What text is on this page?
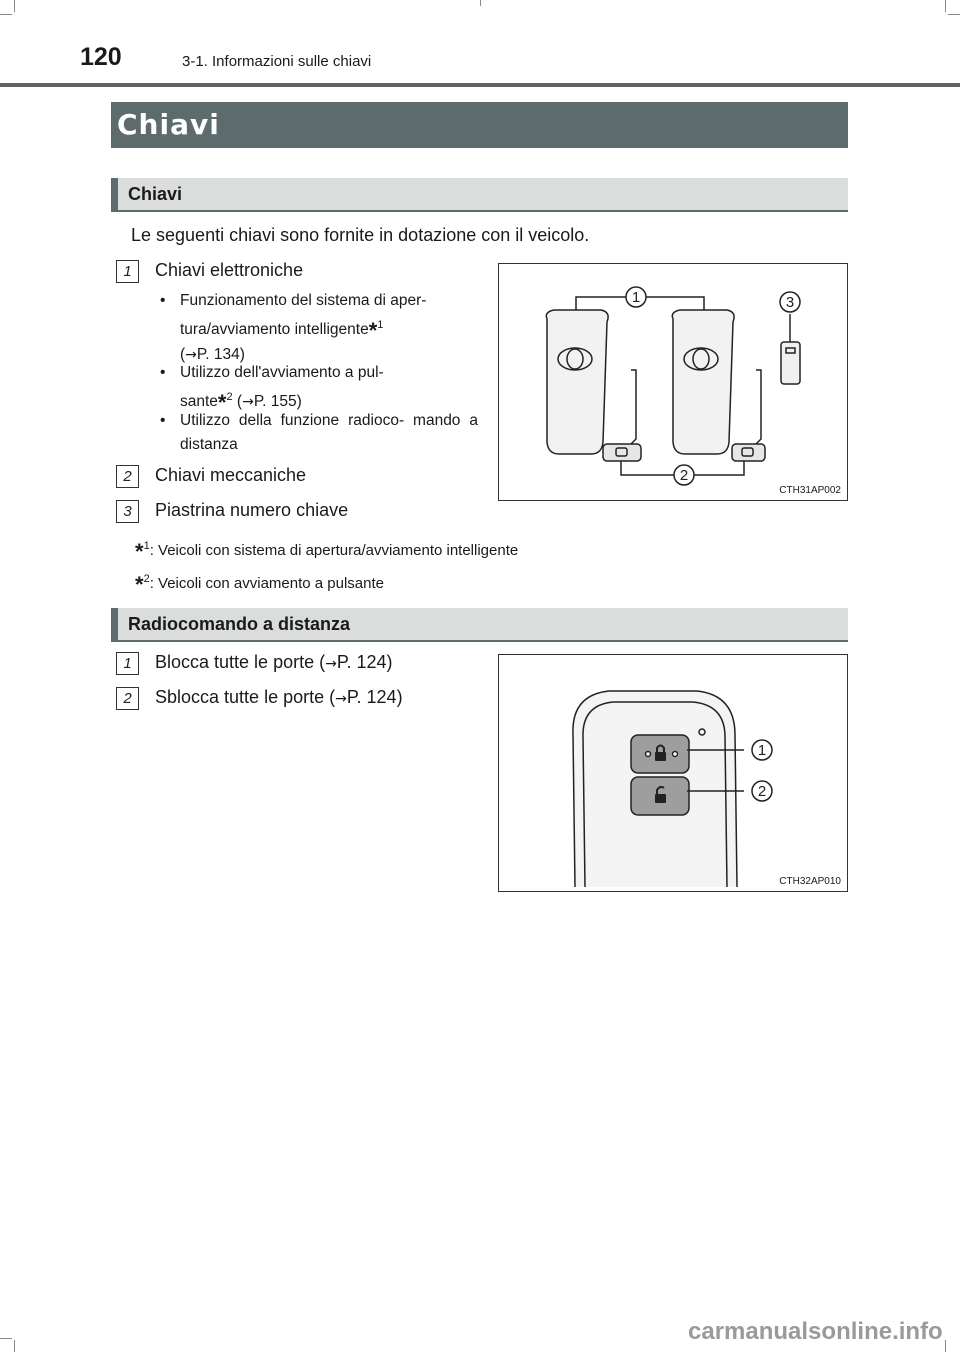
120	3-1. Informazioni sulle chiavi
Chiavi
Chiavi
Le seguenti chiavi sono fornite in dotazione con il veicolo.
1	Chiavi elettroniche
• Funzionamento del sistema di aper-
tura/avviamento intelligente*$^1$
(→P. 134)
• Utilizzo dell'avviamento a pul-
sante*$^2$ (→P. 155)
• Utilizzo della funzione radioco- mando a distanza
2	Chiavi meccaniche
3	Piastrina numero chiave
*$^1$: Veicoli con sistema di apertura/avviamento intelligente
*$^2$: Veicoli con avviamento a pulsante
1
2
3
CTH31AP002
Radiocomando a distanza
1	Blocca tutte le porte (→P. 124)
2	Sblocca tutte le porte (→P. 124)
1
2
CTH32AP010
carmanualsonline.info
